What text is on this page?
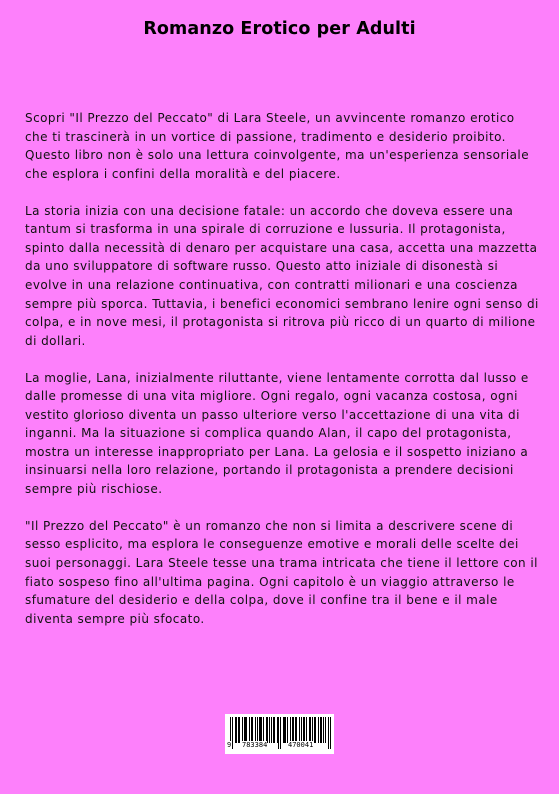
Romanzo Erotico per Adulti

Scopri "Il Prezzo del Peccato" di Lara Steele, un avvincente romanzo erotico che ti trascinerà in un vortice di passione, tradimento e desiderio proibito. Questo libro non è solo una lettura coinvolgente, ma un'esperienza sensoriale che esplora i confini della moralità e del piacere.

La storia inizia con una decisione fatale: un accordo che doveva essere una tantum si trasforma in una spirale di corruzione e lussuria. Il protagonista, spinto dalla necessità di denaro per acquistare una casa, accetta una mazzetta da uno sviluppatore di software russo. Questo atto iniziale di disonestà si evolve in una relazione continuativa, con contratti milionari e una coscienza sempre più sporca. Tuttavia, i benefici economici sembrano lenire ogni senso di colpa, e in nove mesi, il protagonista si ritrova più ricco di un quarto di milione di dollari.

La moglie, Lana, inizialmente riluttante, viene lentamente corrotta dal lusso e dalle promesse di una vita migliore. Ogni regalo, ogni vacanza costosa, ogni vestito glorioso diventa un passo ulteriore verso l'accettazione di una vita di inganni. Ma la situazione si complica quando Alan, il capo del protagonista, mostra un interesse inappropriato per Lana. La gelosia e il sospetto iniziano a insinuarsi nella loro relazione, portando il protagonista a prendere decisioni sempre più rischiose.

"Il Prezzo del Peccato" è un romanzo che non si limita a descrivere scene di sesso esplicito, ma esplora le conseguenze emotive e morali delle scelte dei suoi personaggi. Lara Steele tesse una trama intricata che tiene il lettore con il fiato sospeso fino all'ultima pagina. Ogni capitolo è un viaggio attraverso le sfumature del desiderio e della colpa, dove il confine tra il bene e il male diventa sempre più sfocato.

9 783384	470041
